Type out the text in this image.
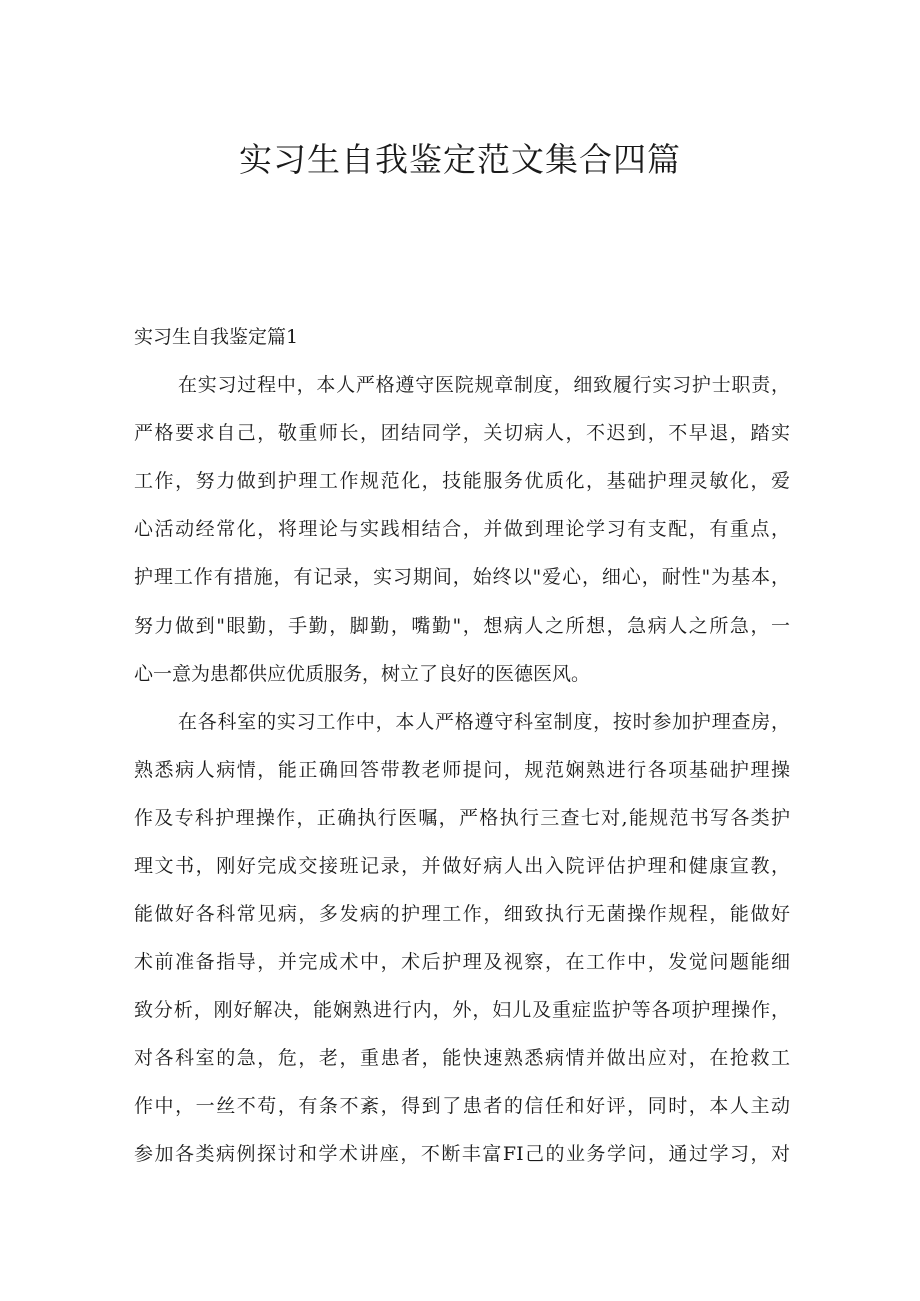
实习生自我鉴定范文集合四篇
实习生自我鉴定篇1
在实习过程中，本人严格遵守医院规章制度，细致履行实习护士职责，
严格要求自己，敬重师长，团结同学，关切病人，不迟到，不早退，踏实
工作，努力做到护理工作规范化，技能服务优质化，基础护理灵敏化，爱
心活动经常化，将理论与实践相结合，并做到理论学习有支配，有重点，
护理工作有措施，有记录，实习期间，始终以"爱心，细心，耐性"为基本，
努力做到"眼勤，手勤，脚勤，嘴勤"，想病人之所想，急病人之所急，一
心一意为患都供应优质服务，树立了良好的医德医风。
在各科室的实习工作中，本人严格遵守科室制度，按时参加护理查房，
熟悉病人病情，能正确回答带教老师提问，规范娴熟进行各项基础护理操
作及专科护理操作，正确执行医嘱，严格执行三查七对,能规范书写各类护
理文书，刚好完成交接班记录，并做好病人出入院评估护理和健康宣教，
能做好各科常见病，多发病的护理工作，细致执行无菌操作规程，能做好
术前准备指导，并完成术中，术后护理及视察，在工作中，发觉问题能细
致分析，刚好解决，能娴熟进行内，外，妇儿及重症监护等各项护理操作，
对各科室的急，危，老，重患者，能快速熟悉病情并做出应对，在抢救工
作中，一丝不苟，有条不紊，得到了患者的信任和好评，同时，本人主动
参加各类病例探讨和学术讲座，不断丰富FI己的业务学问，通过学习，对
